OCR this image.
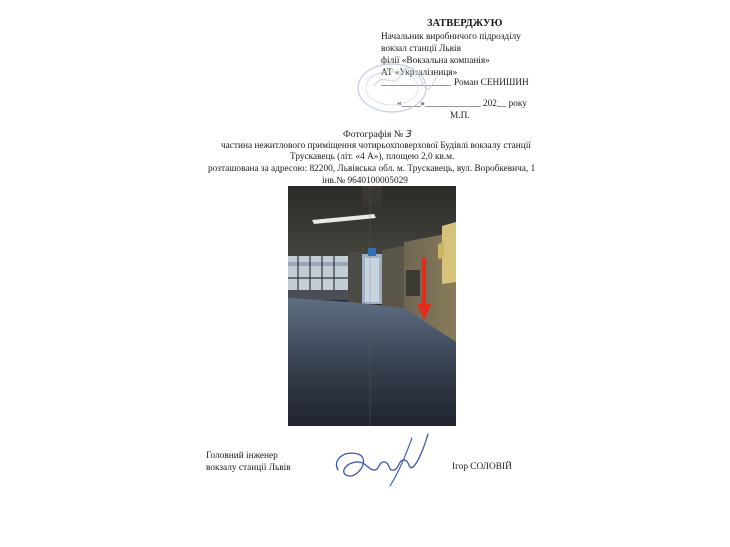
ЗАТВЕРДЖУЮ
Начальник виробничого підрозділу
вокзал станції Львів
філії «Вокзальна компанія»
АТ «Укрзалізниця»
_______________ Роман СЕНИШИН
«____»____________ 202__ року
М.П.
Фотографія № 3
частина нежитлового приміщення чотирьохповерхової Будівлі вокзалу станції
Трускавець (літ. «4 А»), площею 2,0 кв.м.
розташована за адресою: 82200, Львівська обл. м. Трускавець, вул. Воробкевича, 1
інв.№ 9640100005029
Головний інженер
вокзалу станції Львів	Ігор СОЛОВІЙ
